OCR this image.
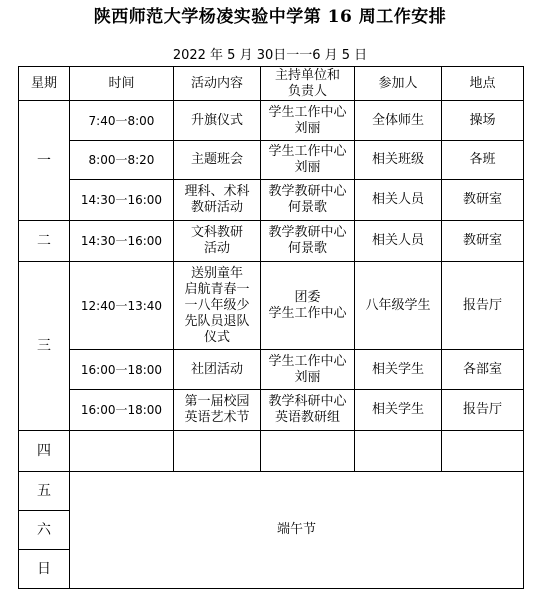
陕西师范大学杨凌实验中学第 16 周工作安排
2022 年 5 月 30日一一6 月 5 日
星期	时间	活动内容	主持单位和
负责人	参加人	地点
一	7:40一8:00	升旗仪式	学生工作中心
刘丽	全体师生	操场
	8:00一8:20	主题班会	学生工作中心
刘丽	相关班级	各班
	14:30一16:00	理科、术科
教研活动	教学教研中心
何景歌	相关人员	教研室
二	14:30一16:00	文科教研
活动	教学教研中心
何景歌	相关人员	教研室
三	12:40一13:40	送别童年
启航青春一
一八年级少
先队员退队
仪式	团委
学生工作中心	八年级学生	报告厅
	16:00一18:00	社团活动	学生工作中心
刘丽	相关学生	各部室
	16:00一18:00	第一届校园
英语艺术节	教学科研中心
英语教研组	相关学生	报告厅
四					
五	端午节				
六					
日					
